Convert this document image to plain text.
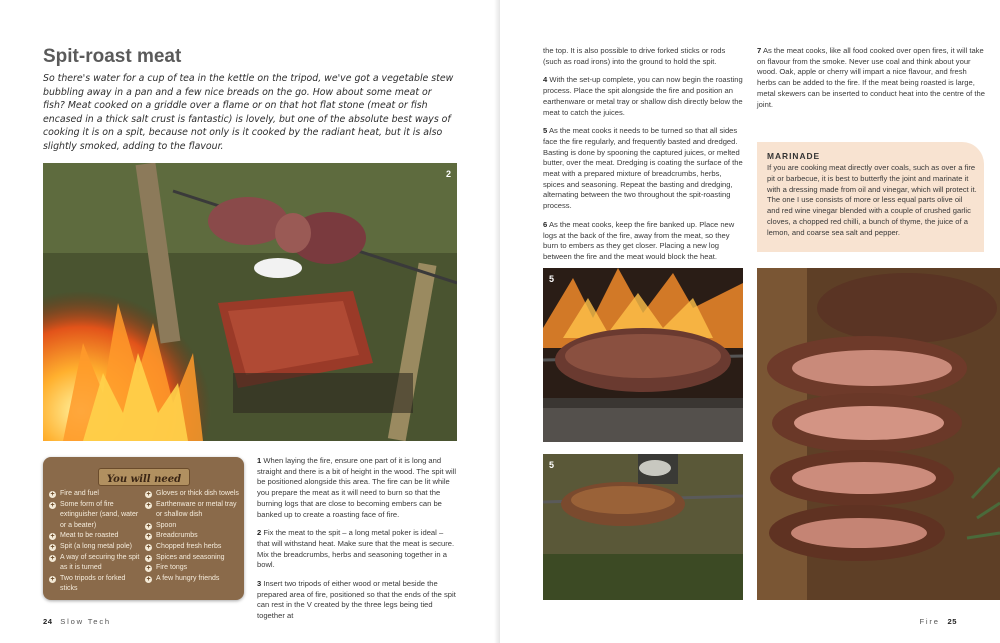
Spit-roast meat

So there's water for a cup of tea in the kettle on the tripod, we've got a vegetable stew bubbling away in a pan and a few nice breads on the go. How about some meat or fish? Meat cooked on a griddle over a flame or on that hot flat stone (meat or fish encased in a thick salt crust is fantastic) is lovely, but one of the absolute best ways of cooking it is on a spit, because not only is it cooked by the radiant heat, but it is also slightly smoked, adding to the flavour.

2
You will need
+ Fire and fuel
+ Some form of fire extinguisher (sand, water or a beater)
+ Meat to be roasted
+ Spit (a long metal pole)
+ A way of securing the spit as it is turned
+ Two tripods or forked sticks
+ Gloves or thick dish towels
+ Earthenware or metal tray or shallow dish
+ Spoon
+ Breadcrumbs
+ Chopped fresh herbs
+ Spices and seasoning
+ Fire tongs
+ A few hungry friends

1 When laying the fire, ensure one part of it is long and straight and there is a bit of height in the wood. The spit will be positioned alongside this area. The fire can be lit while you prepare the meat as it will need to burn so that the burning logs that are close to becoming embers can be banked up to create a roasting face of fire.

2 Fix the meat to the spit – a long metal poker is ideal – that will withstand heat. Make sure that the meat is secure. Mix the breadcrumbs, herbs and seasoning together in a bowl.

3 Insert two tripods of either wood or metal beside the prepared area of fire, positioned so that the ends of the spit can rest in the V created by the three legs being tied together at

24 Slow Tech

the top. It is also possible to drive forked sticks or rods (such as road irons) into the ground to hold the spit.

4 With the set-up complete, you can now begin the roasting process. Place the spit alongside the fire and position an earthenware or metal tray or shallow dish directly below the meat to catch the juices.

5 As the meat cooks it needs to be turned so that all sides face the fire regularly, and frequently basted and dredged. Basting is done by spooning the captured juices, or melted butter, over the meat. Dredging is coating the surface of the meat with a prepared mixture of breadcrumbs, herbs, spices and seasoning. Repeat the basting and dredging, alternating between the two throughout the spit-roasting process.

6 As the meat cooks, keep the fire banked up. Place new logs at the back of the fire, away from the meat, so they burn to embers as they get closer. Placing a new log between the fire and the meat would block the heat.

7 As the meat cooks, like all food cooked over open fires, it will take on flavour from the smoke. Never use coal and think about your wood. Oak, apple or cherry will impart a nice flavour, and fresh herbs can be added to the fire. If the meat being roasted is large, metal skewers can be inserted to conduct heat into the centre of the joint.

5
5
MARINADE

If you are cooking meat directly over coals, such as over a fire pit or barbecue, it is best to butterfly the joint and marinate it with a dressing made from oil and vinegar, which will protect it. The one I use consists of more or less equal parts olive oil and red wine vinegar blended with a couple of crushed garlic cloves, a chopped red chilli, a bunch of thyme, the juice of a lemon, and coarse sea salt and pepper.

Fire 25
